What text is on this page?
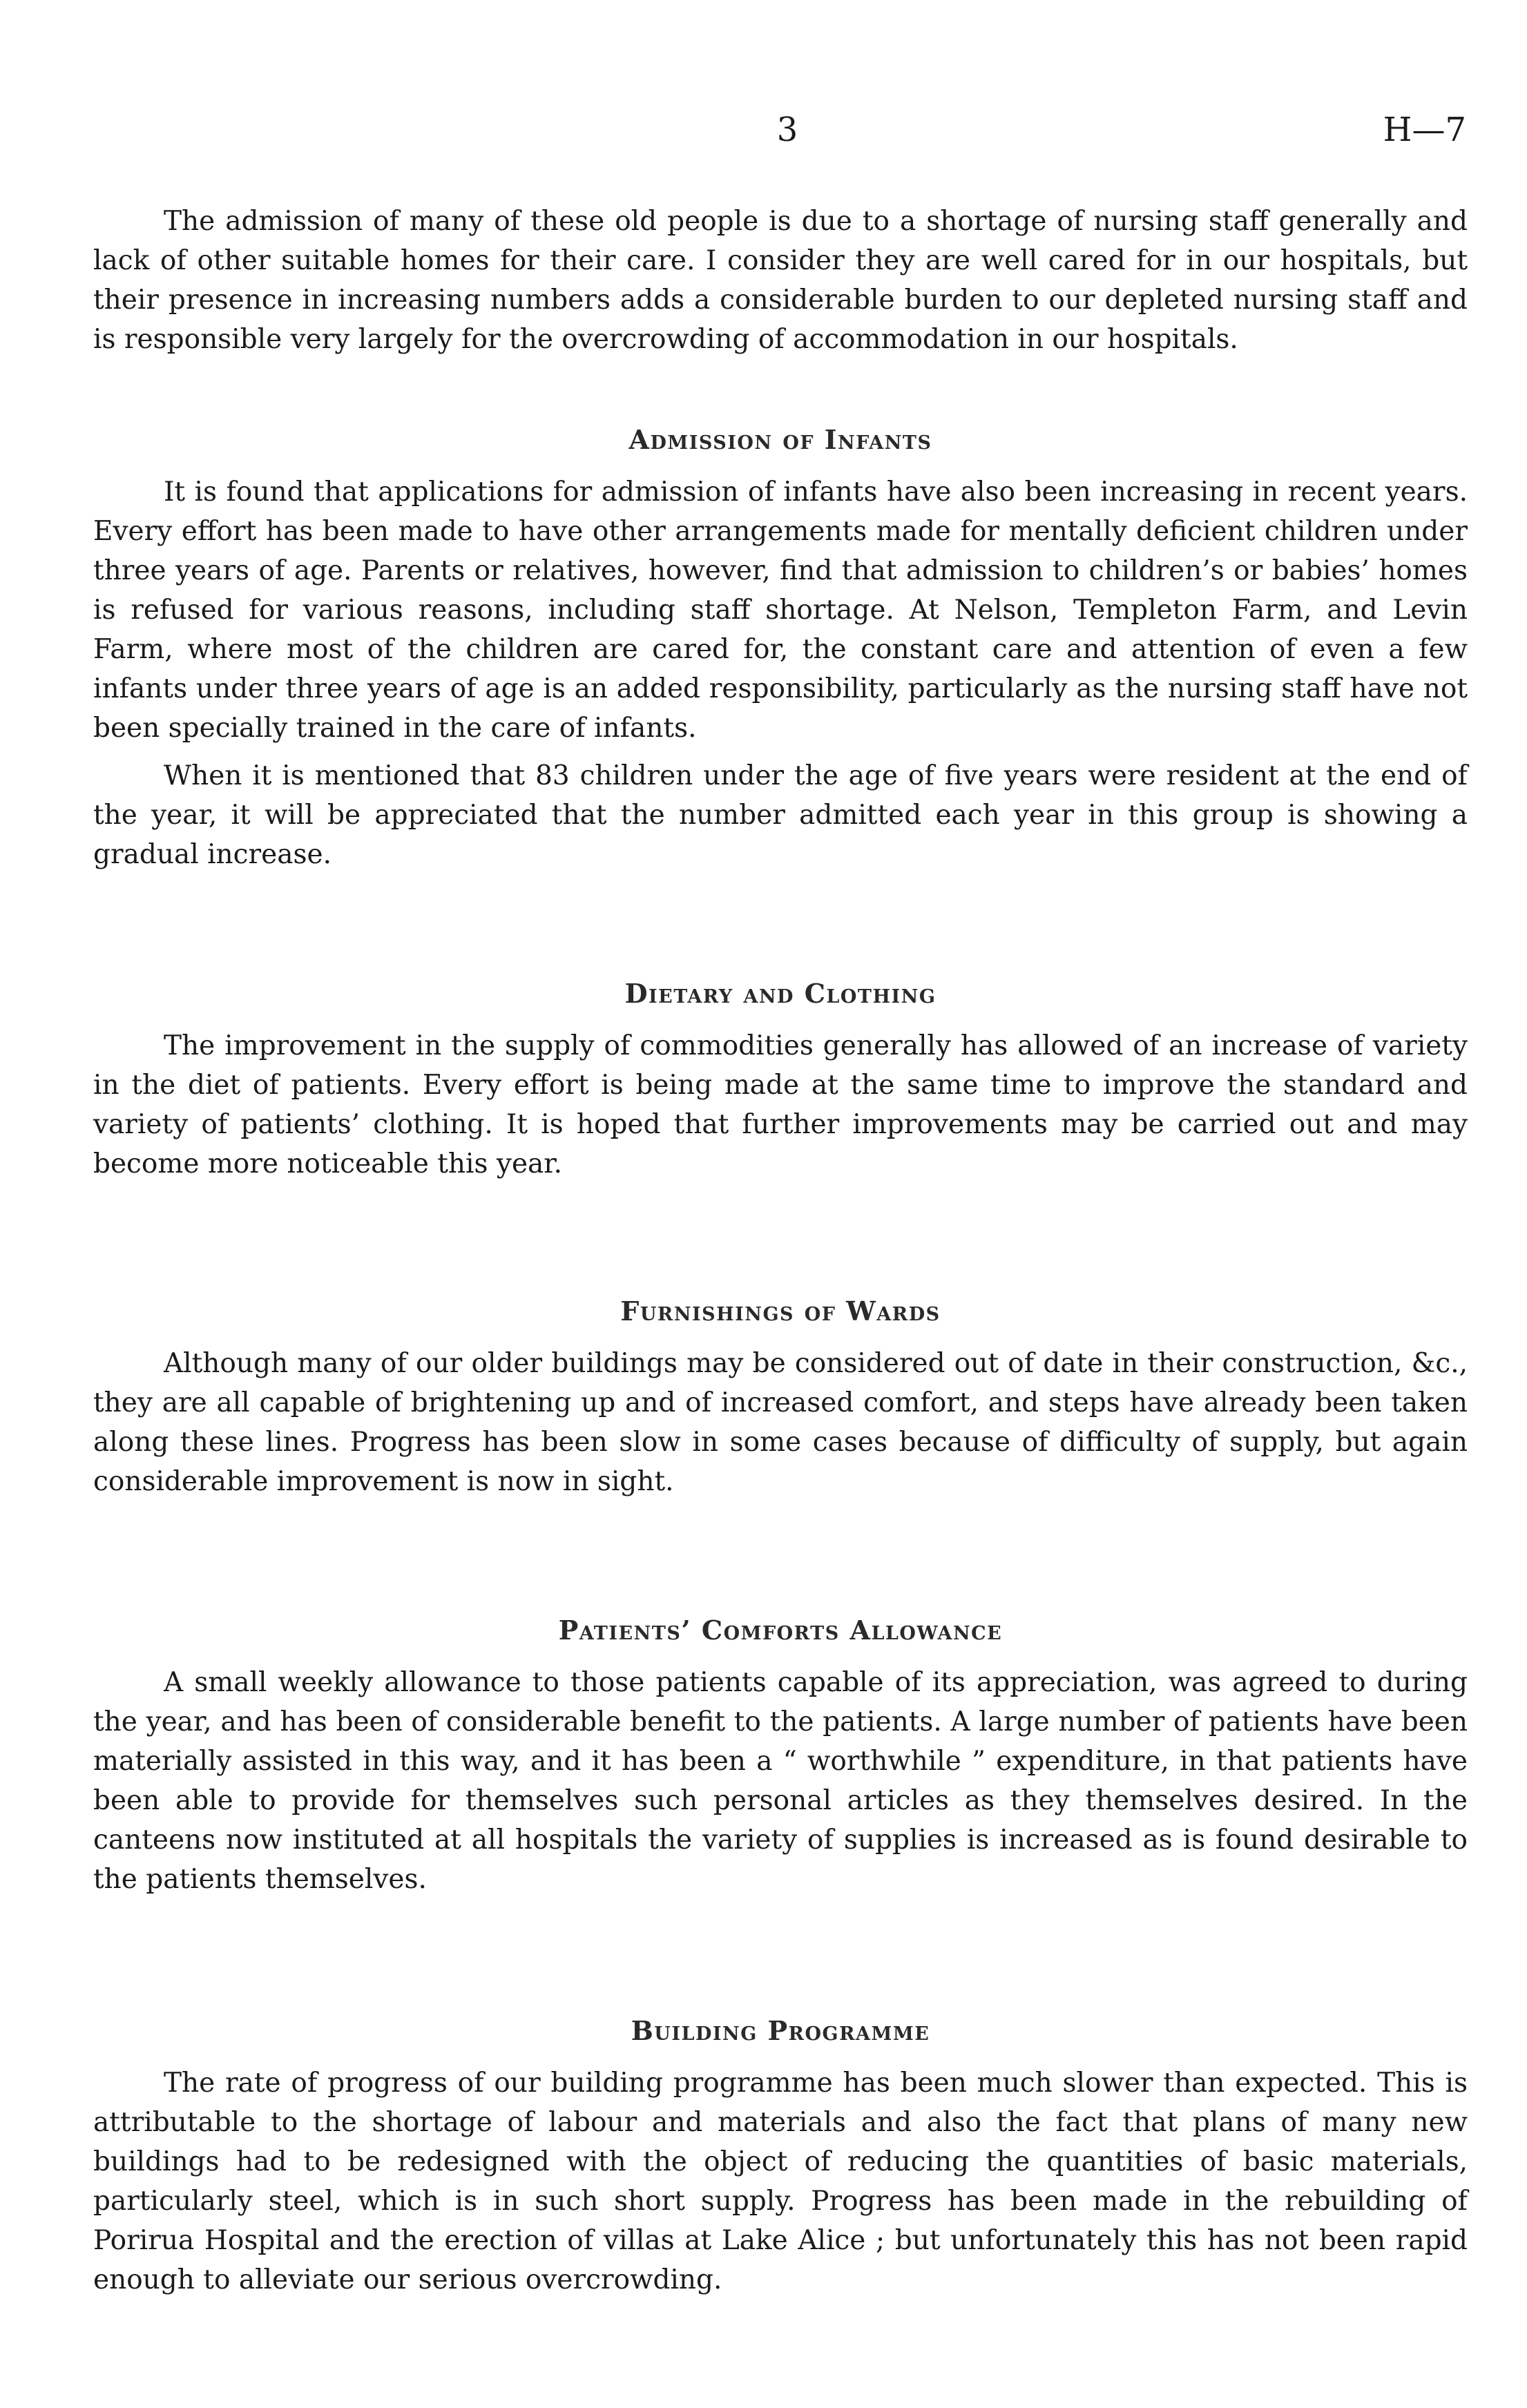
3	H—7

The admission of many of these old people is due to a shortage of nursing staff generally and lack of other suitable homes for their care. I consider they are well cared for in our hospitals, but their presence in increasing numbers adds a considerable burden to our depleted nursing staff and is responsible very largely for the overcrowding of accommodation in our hospitals.

Admission of Infants

It is found that applications for admission of infants have also been increasing in recent years. Every effort has been made to have other arrangements made for mentally deficient children under three years of age. Parents or relatives, however, find that admission to children’s or babies’ homes is refused for various reasons, including staff shortage. At Nelson, Templeton Farm, and Levin Farm, where most of the children are cared for, the constant care and attention of even a few infants under three years of age is an added responsibility, particularly as the nursing staff have not been specially trained in the care of infants.

When it is mentioned that 83 children under the age of five years were resident at the end of the year, it will be appreciated that the number admitted each year in this group is showing a gradual increase.

Dietary and Clothing

The improvement in the supply of commodities generally has allowed of an increase of variety in the diet of patients. Every effort is being made at the same time to improve the standard and variety of patients’ clothing. It is hoped that further improvements may be carried out and may become more noticeable this year.

Furnishings of Wards

Although many of our older buildings may be considered out of date in their construction, &c., they are all capable of brightening up and of increased comfort, and steps have already been taken along these lines. Progress has been slow in some cases because of difficulty of supply, but again considerable improvement is now in sight.

Patients’ Comforts Allowance

A small weekly allowance to those patients capable of its appreciation, was agreed to during the year, and has been of considerable benefit to the patients. A large number of patients have been materially assisted in this way, and it has been a “ worthwhile ” expenditure, in that patients have been able to provide for themselves such personal articles as they themselves desired. In the canteens now instituted at all hospitals the variety of supplies is increased as is found desirable to the patients themselves.

Building Programme

The rate of progress of our building programme has been much slower than expected. This is attributable to the shortage of labour and materials and also the fact that plans of many new buildings had to be redesigned with the object of reducing the quantities of basic materials, particularly steel, which is in such short supply. Progress has been made in the rebuilding of Porirua Hospital and the erection of villas at Lake Alice ; but unfortunately this has not been rapid enough to alleviate our serious overcrowding.
